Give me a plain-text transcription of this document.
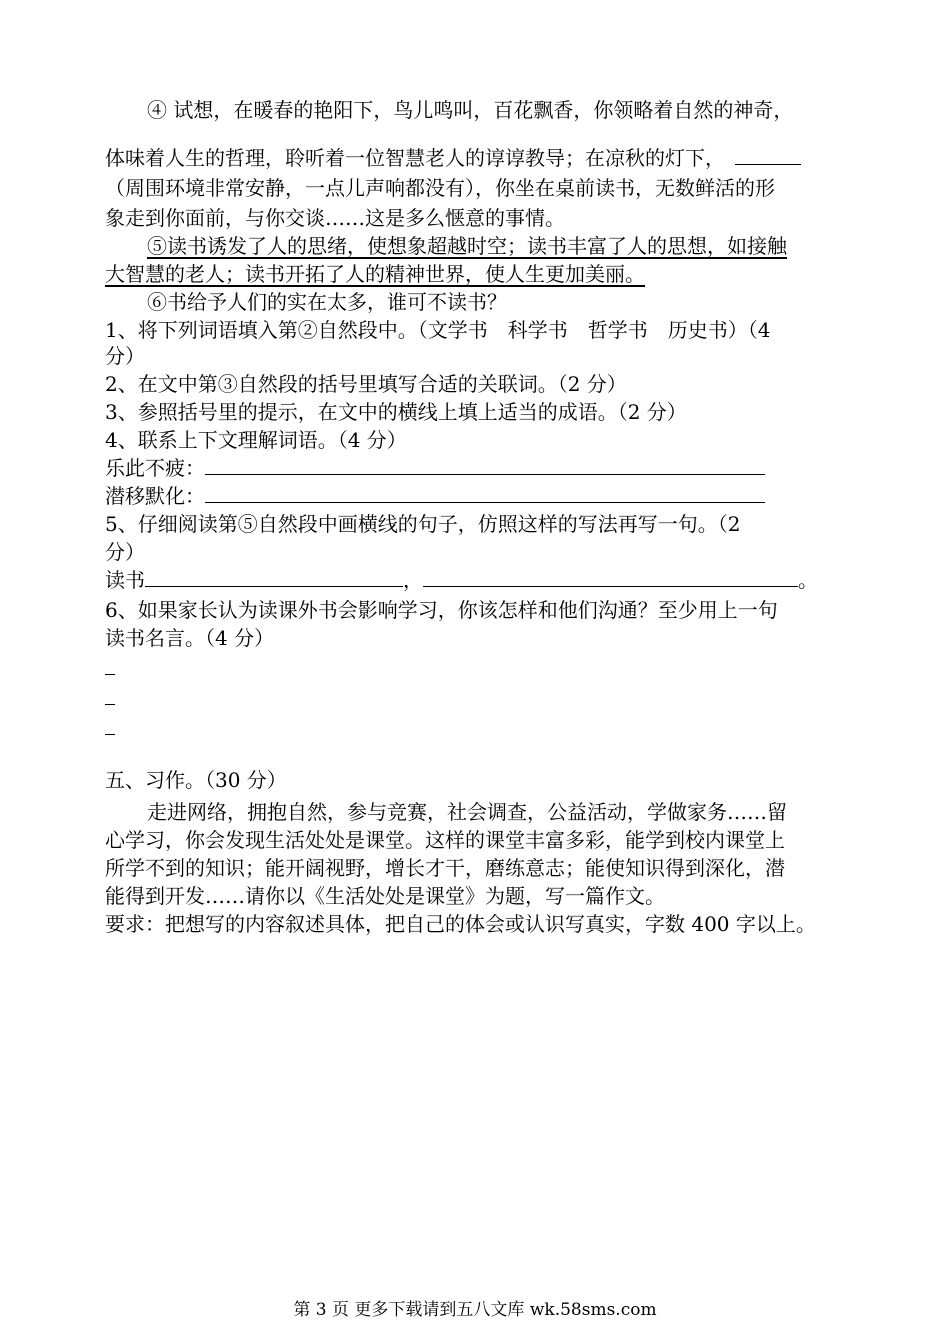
④ 试想，在暖春的艳阳下，鸟儿鸣叫，百花飘香，你领略着自然的神奇，
体味着人生的哲理，聆听着一位智慧老人的谆谆教导；在凉秋的灯下，
（周围环境非常安静，一点儿声响都没有），你坐在桌前读书，无数鲜活的形
象走到你面前，与你交谈……这是多么惬意的事情。
⑤读书诱发了人的思绪，使想象超越时空；读书丰富了人的思想，如接触
大智慧的老人；读书开拓了人的精神世界，使人生更加美丽。
⑥书给予人们的实在太多，谁可不读书？
1、将下列词语填入第②自然段中。（文学书　科学书　哲学书　历史书）（4
分）
2、在文中第③自然段的括号里填写合适的关联词。（2 分）
3、参照括号里的提示，在文中的横线上填上适当的成语。（2 分）
4、联系上下文理解词语。（4 分）
乐此不疲：
潜移默化：
5、仔细阅读第⑤自然段中画横线的句子，仿照这样的写法再写一句。（2
分）
读书	，	。
6、如果家长认为读课外书会影响学习，你该怎样和他们沟通？至少用上一句
读书名言。（4 分）
五、习作。（30 分）
走进网络，拥抱自然，参与竞赛，社会调查，公益活动，学做家务……留
心学习，你会发现生活处处是课堂。这样的课堂丰富多彩，能学到校内课堂上
所学不到的知识；能开阔视野，增长才干，磨练意志；能使知识得到深化，潜
能得到开发……请你以《生活处处是课堂》为题，写一篇作文。
要求：把想写的内容叙述具体，把自己的体会或认识写真实，字数 400 字以上。
第 3 页 更多下载请到五八文库 wk.58sms.com
